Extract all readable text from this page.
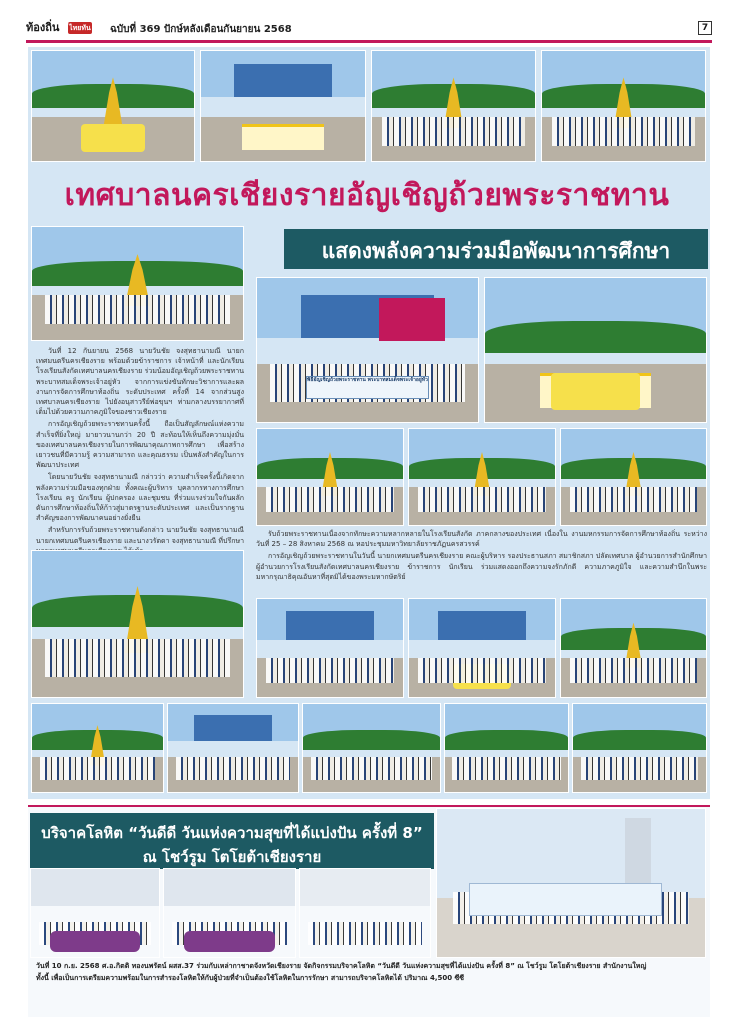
ท้องถิ่น	ไทยทัน ฉบับที่ 369 ปักษ์หลังเดือนกันยายน 2568	7
เทศบาลนครเชียงรายอัญเชิญถ้วยพระราชทาน
แสดงพลังความร่วมมือพัฒนาการศึกษา

วันที่ 12 กันยายน 2568 นายวันชัย จงสุทธานามณี นายกเทศมนตรีนครเชียงราย พร้อมด้วยข้าราชการ เจ้าหน้าที่ และนักเรียนโรงเรียนสังกัดเทศบาลนครเชียงราย ร่วมน้อมอัญเชิญถ้วยพระราชทาน พระบาทสมเด็จพระเจ้าอยู่หัว จากการแข่งขันทักษะวิชาการและผลงานการจัดการศึกษาท้องถิ่น ระดับประเทศ ครั้งที่ 14 จากส่วนสูงเทศบาลนครเชียงราย ไปยังอนุสาวรีย์พ่อขุนฯ ท่ามกลางบรรยากาศที่เต็มไปด้วยความภาคภูมิใจของชาวเชียงราย

การอัญเชิญถ้วยพระราชทานครั้งนี้ ถือเป็นสัญลักษณ์แห่งความสำเร็จที่ยิ่งใหญ่ มายาวนานกว่า 20 ปี สะท้อนให้เห็นถึงความมุ่งมั่นของเทศบาลนครเชียงรายในการพัฒนาคุณภาพการศึกษา เพื่อสร้างเยาวชนที่มีความรู้ ความสามารถ และคุณธรรม เป็นพลังสำคัญในการพัฒนาประเทศ

โดยนายวันชัย จงสุทธานามณี กล่าวว่า ความสำเร็จครั้งนี้เกิดจากพลังความร่วมมือของทุกฝ่าย ทั้งคณะผู้บริหาร บุคลากรทางการศึกษา โรงเรียน ครู นักเรียน ผู้ปกครอง และชุมชน ที่ร่วมแรงร่วมใจกันผลักดันการศึกษาท้องถิ่นให้ก้าวสู่มาตรฐานระดับประเทศ และเป็นรากฐานสำคัญของการพัฒนาคนอย่างยั่งยืน

สำหรับการรับถ้วยพระราชทานดังกล่าว นายวันชัย จงสุทธานามณี นายกเทศมนตรีนครเชียงราย และนางวรัตดา จงสุทธานามณี ที่ปรึกษา

พิธีอัญเชิญถ้วยพระราชทาน พระบาทสมเด็จพระเจ้าอยู่หัว

รับถ้วยพระราชทานเนื่องจากทักษะความหลากหลายในโรงเรียนสังกัด ภาคกลางของประเทศ เนื่องใน งานมหกรรมการจัดการศึกษาท้องถิ่น ระหว่างวันที่ 25 – 28 สิงหาคม 2568 ณ หอประชุมมหาวิทยาลัยราชภัฏนครสวรรค์

การอัญเชิญถ้วยพระราชทานในวันนี้ นายกเทศมนตรีนครเชียงราย คณะผู้บริหาร รองประธานสภา สมาชิกสภา ปลัดเทศบาล ผู้อำนวยการสำนักศึกษา ผู้อำนวยการโรงเรียนสังกัดเทศบาลนครเชียงราย ข้าราชการ นักเรียน ร่วมแสดงออกถึงความจงรักภักดี ความภาคภูมิใจ และความสำนึกในพระมหากรุณาธิคุณอันหาที่สุดมิได้ของพระมหากษัตริย์

บริจาคโลหิต “วันดีดี วันแห่งความสุขที่ได้แบ่งปัน ครั้งที่ 8”
ณ โชว์รูม โตโยต้าเชียงราย
วันที่ 10 ก.ย. 2568 ศ.อ.กิตติ ทองนพรัตน์ ผสส.37 ร่วมกับเหล่ากาชาดจังหวัดเชียงราย จัดกิจกรรมบริจาคโลหิต “วันดีดี วันแห่งความสุขที่ได้แบ่งปัน ครั้งที่ 8” ณ โชว์รูม โตโยต้าเชียงราย สำนักงานใหญ่
ทั้งนี้ เพื่อเป็นการเตรียมความพร้อมในการสำรองโลหิตให้กับผู้ป่วยที่จำเป็นต้องใช้โลหิตในการรักษา สามารถบริจาคโลหิตได้ ปริมาณ 4,500 ซีซี
